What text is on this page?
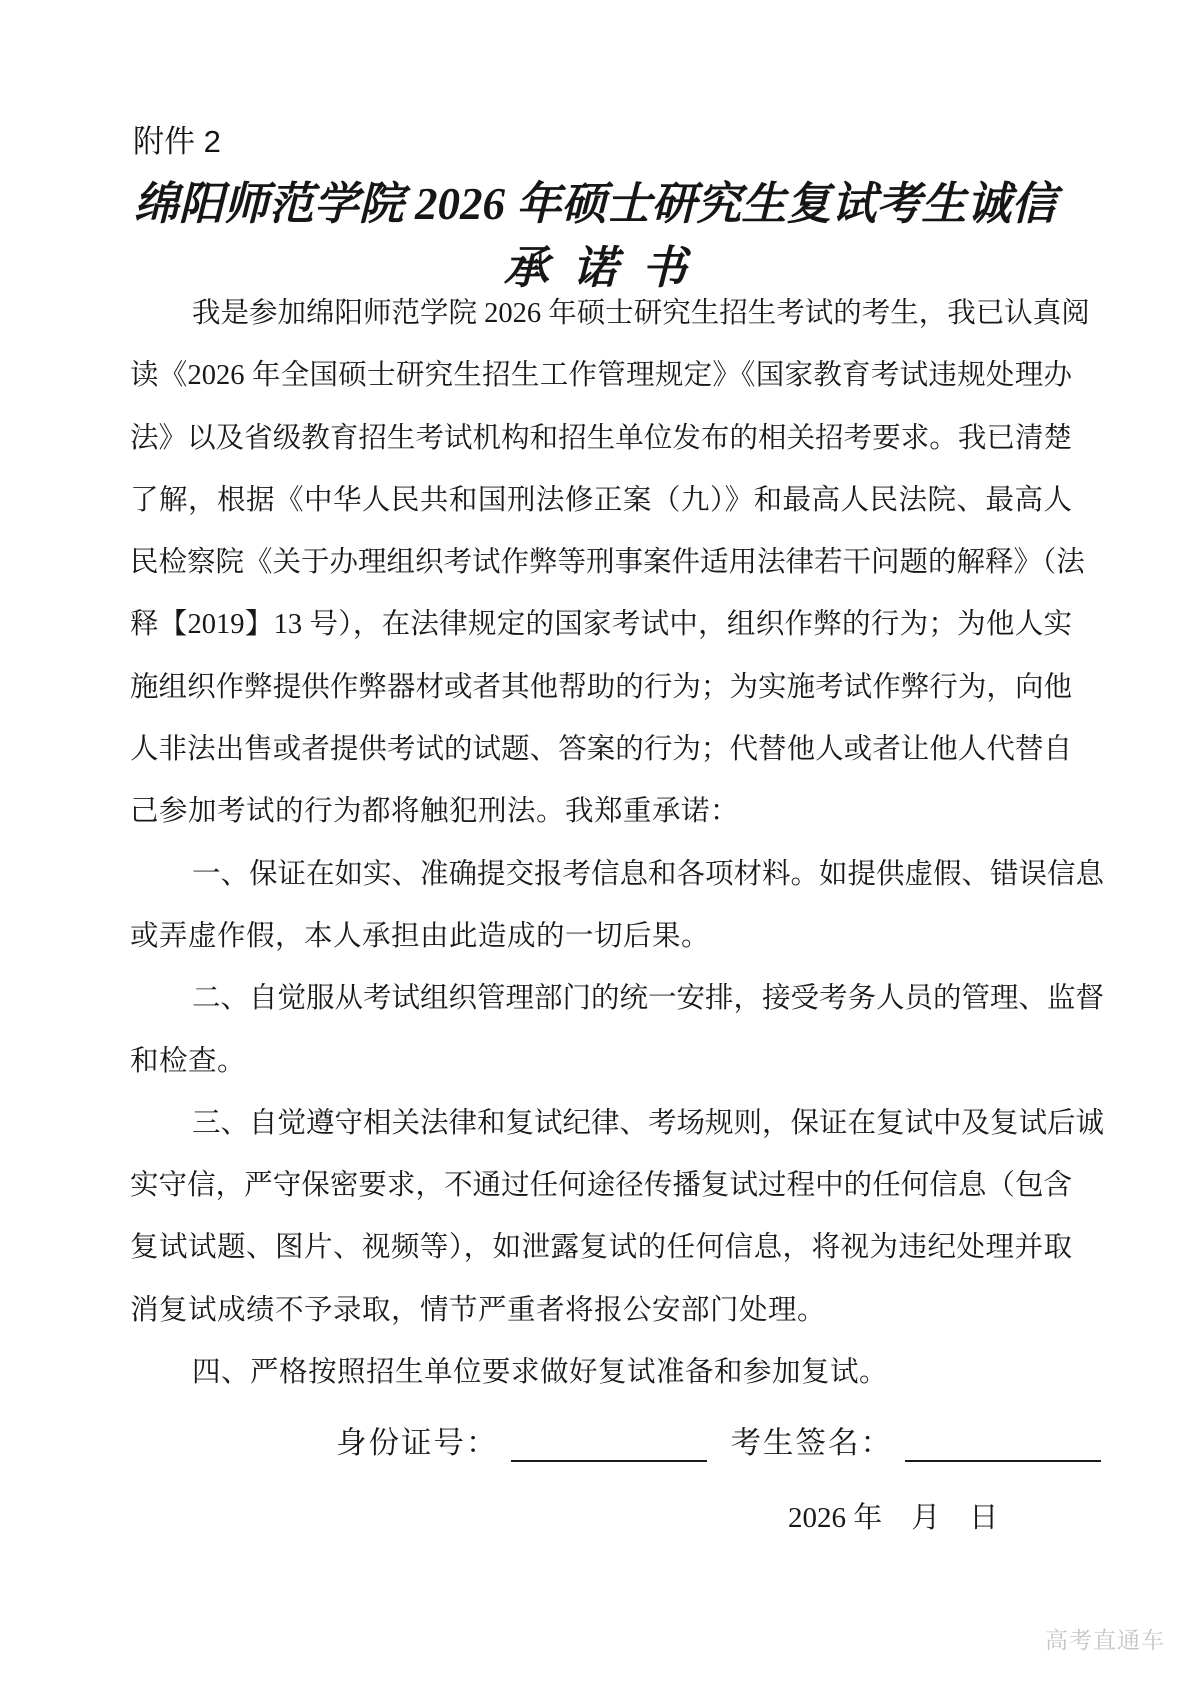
附件 2
绵阳师范学院 2026 年硕士研究生复试考生诚信
承诺书
我是参加绵阳师范学院 2026 年硕士研究生招生考试的考生，我已认真阅
读《2026 年全国硕士研究生招生工作管理规定》《国家教育考试违规处理办
法》以及省级教育招生考试机构和招生单位发布的相关招考要求。我已清楚
了解，根据《中华人民共和国刑法修正案（九）》和最高人民法院、最高人
民检察院《关于办理组织考试作弊等刑事案件适用法律若干问题的解释》（法
释【2019】13 号），在法律规定的国家考试中，组织作弊的行为；为他人实
施组织作弊提供作弊器材或者其他帮助的行为；为实施考试作弊行为，向他
人非法出售或者提供考试的试题、答案的行为；代替他人或者让他人代替自
己参加考试的行为都将触犯刑法。我郑重承诺：
一、保证在如实、准确提交报考信息和各项材料。如提供虚假、错误信息
或弄虚作假，本人承担由此造成的一切后果。
二、自觉服从考试组织管理部门的统一安排，接受考务人员的管理、监督
和检查。
三、自觉遵守相关法律和复试纪律、考场规则，保证在复试中及复试后诚
实守信，严守保密要求，不通过任何途径传播复试过程中的任何信息（包含
复试试题、图片、视频等），如泄露复试的任何信息，将视为违纪处理并取
消复试成绩不予录取，情节严重者将报公安部门处理。
四、严格按照招生单位要求做好复试准备和参加复试。
身份证号：	考生签名：
2026 年    月    日
高考直通车
